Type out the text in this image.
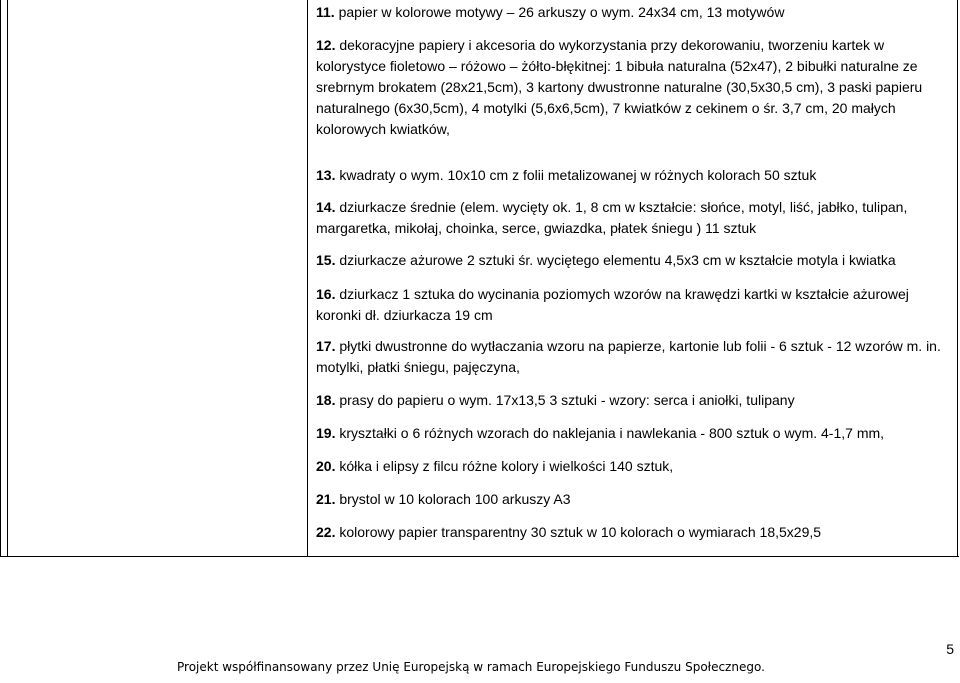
11. papier w kolorowe motywy – 26 arkuszy o wym. 24x34 cm, 13 motywów
12. dekoracyjne papiery i akcesoria do wykorzystania przy dekorowaniu, tworzeniu kartek w kolorystyce fioletowo – różowo – żółto-błękitnej: 1 bibuła naturalna (52x47), 2 bibułki naturalne ze srebrnym brokatem (28x21,5cm), 3 kartony dwustronne naturalne (30,5x30,5 cm), 3 paski papieru naturalnego (6x30,5cm), 4 motylki (5,6x6,5cm), 7 kwiatków z cekinem o śr. 3,7 cm, 20 małych kolorowych kwiatków,
13. kwadraty o wym. 10x10 cm z folii metalizowanej w różnych kolorach 50 sztuk
14. dziurkacze średnie (elem. wycięty ok. 1, 8 cm w kształcie: słońce, motyl, liść, jabłko, tulipan, margaretka, mikołaj, choinka, serce, gwiazdka, płatek śniegu ) 11 sztuk
15. dziurkacze ażurowe 2 sztuki śr. wyciętego elementu 4,5x3 cm w kształcie motyla i kwiatka
16. dziurkacz 1 sztuka do wycinania poziomych wzorów na krawędzi kartki w kształcie ażurowej koronki dł. dziurkacza 19 cm
17. płytki dwustronne do wytłaczania wzoru na papierze, kartonie lub folii - 6 sztuk - 12 wzorów m. in. motylki, płatki śniegu, pajęczyna,
18. prasy do papieru o wym. 17x13,5 3 sztuki - wzory: serca i aniołki, tulipany
19. kryształki o 6 różnych wzorach do naklejania i nawlekania - 800 sztuk o wym. 4-1,7 mm,
20. kółka i elipsy z filcu różne kolory i wielkości 140 sztuk,
21. brystol w 10 kolorach 100 arkuszy A3
22. kolorowy papier transparentny 30 sztuk w 10 kolorach o wymiarach 18,5x29,5
5
Projekt współfinansowany przez Unię Europejską w ramach Europejskiego Funduszu Społecznego.
